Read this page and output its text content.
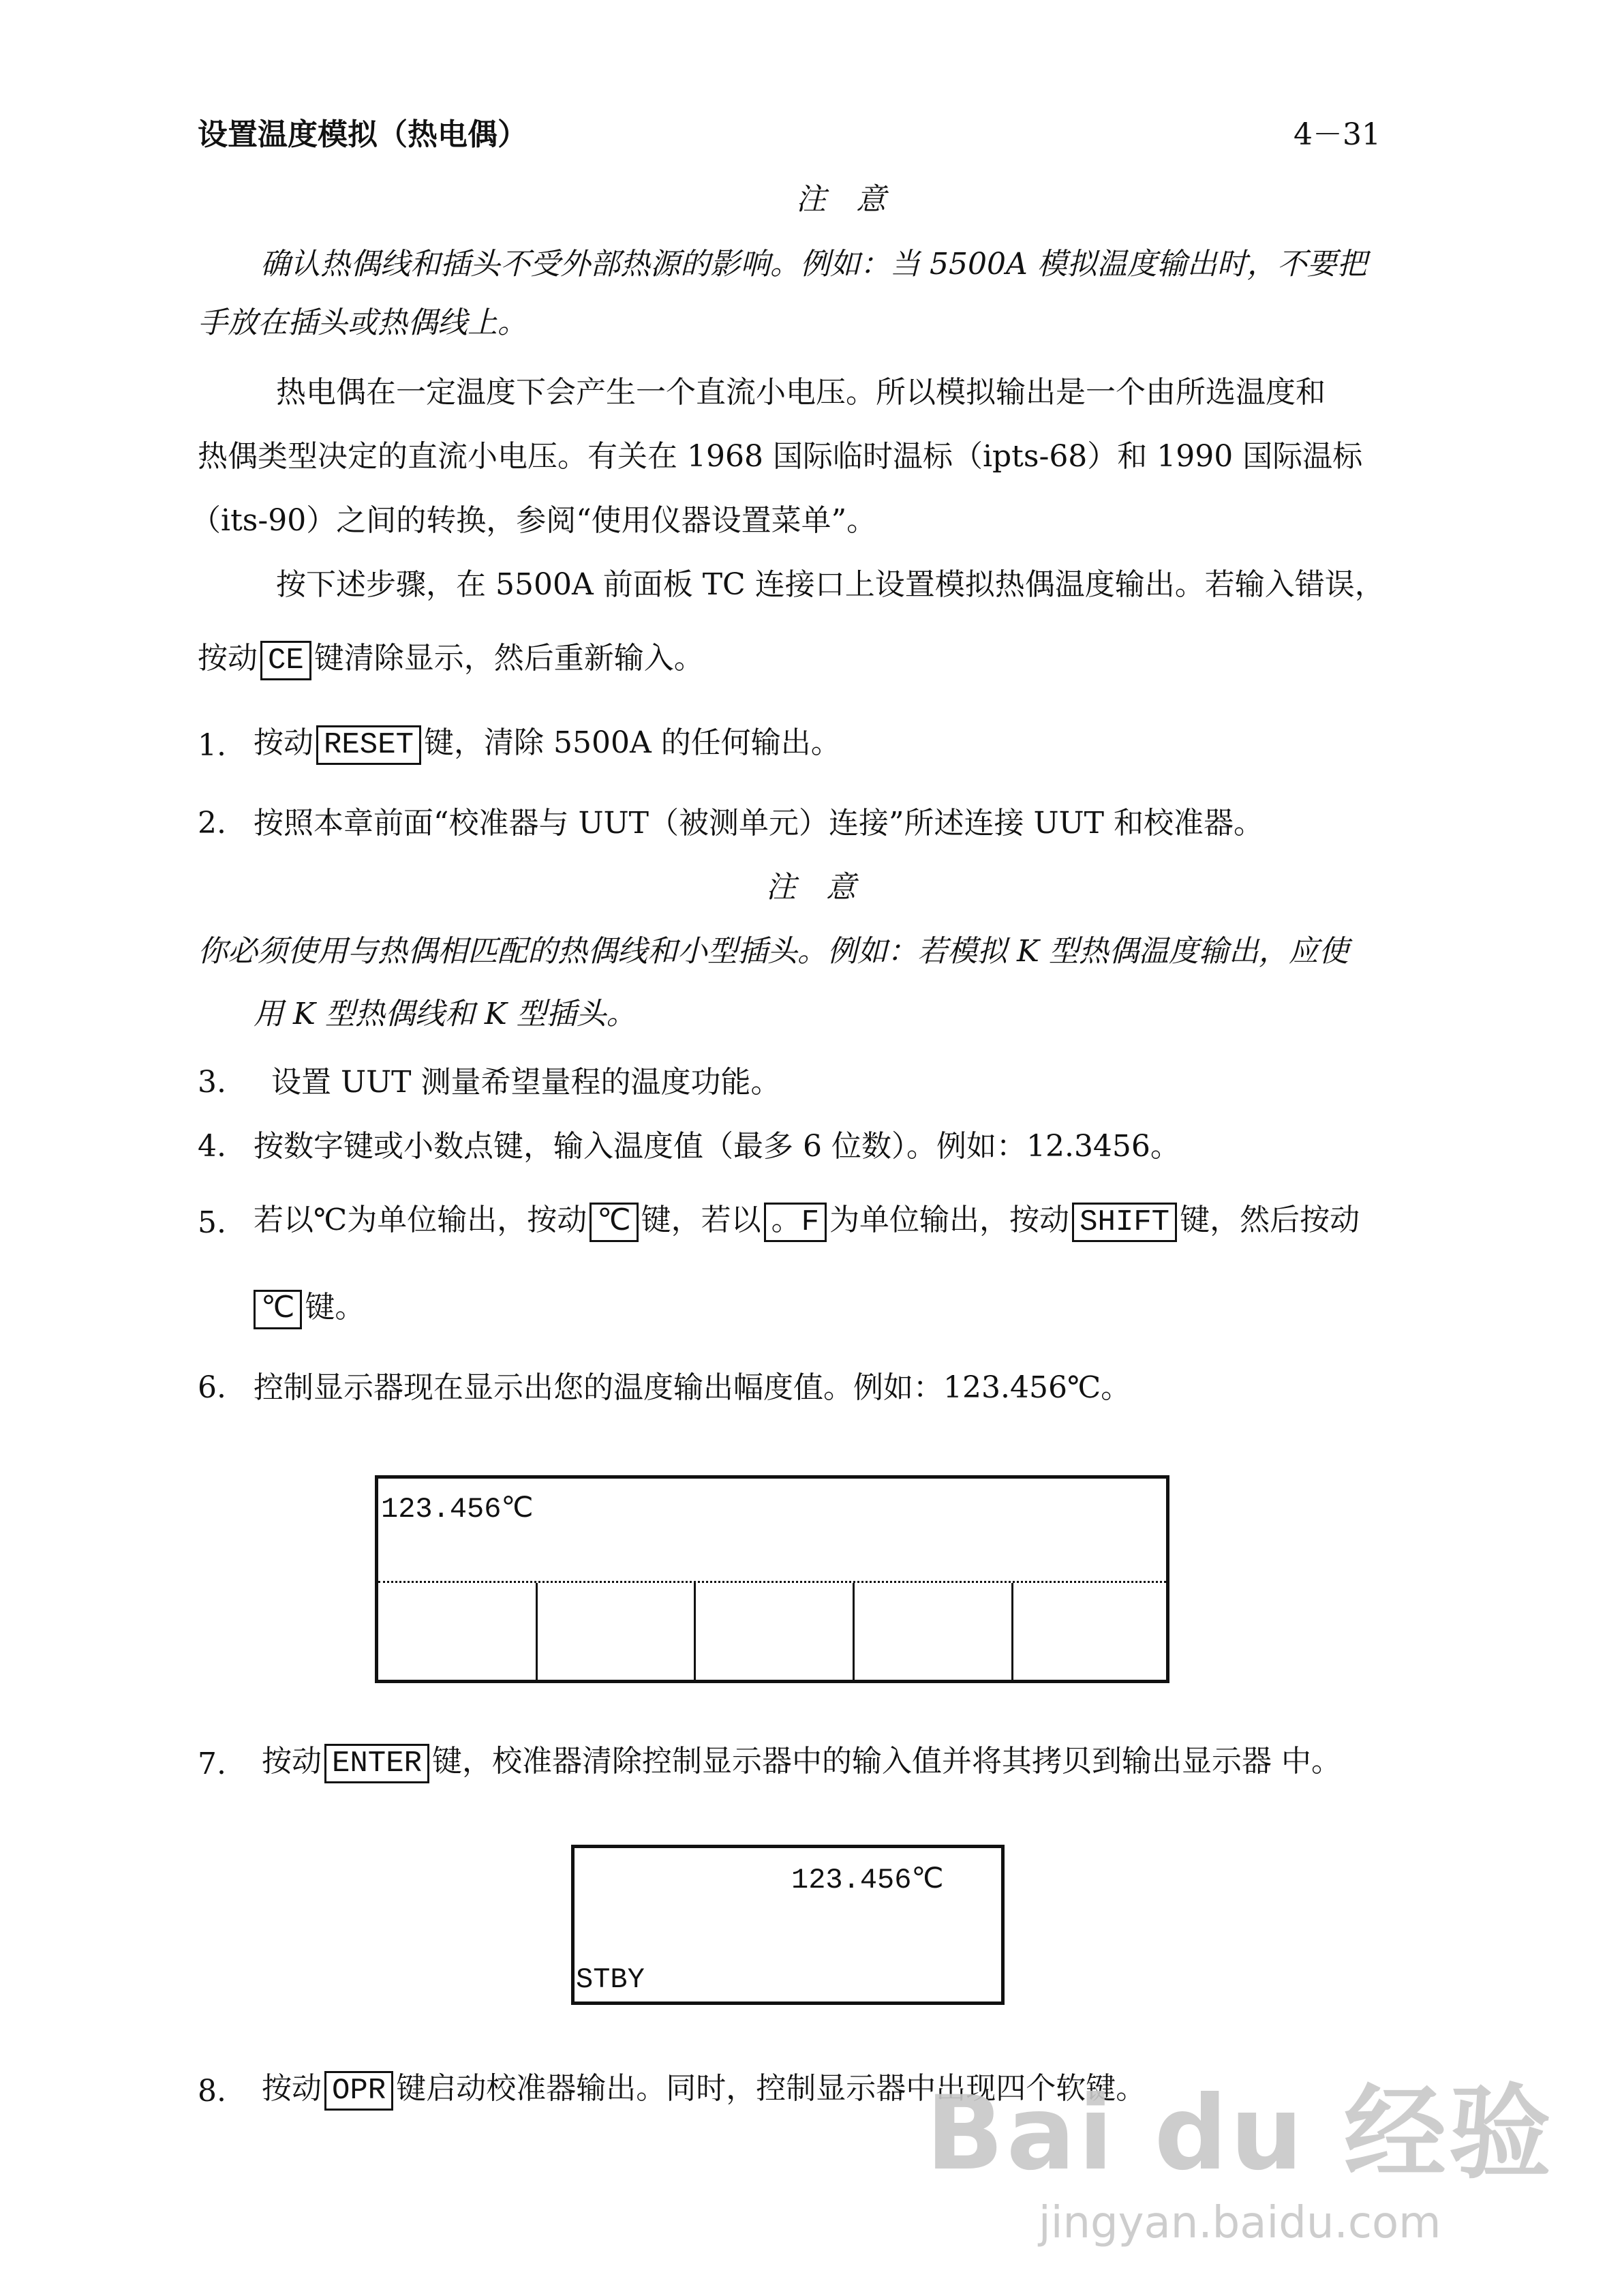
设置温度模拟（热电偶）	4－31
注　意
确认热偶线和插头不受外部热源的影响。例如：当 5500A 模拟温度输出时，不要把
手放在插头或热偶线上。
热电偶在一定温度下会产生一个直流小电压。所以模拟输出是一个由所选温度和
热偶类型决定的直流小电压。有关在 1968 国际临时温标（ipts-68）和 1990 国际温标
（its-90）之间的转换，参阅“使用仪器设置菜单”。
按下述步骤，在 5500A 前面板 TC 连接口上设置模拟热偶温度输出。若输入错误，
按动 CE 键清除显示，然后重新输入。
1. 按动 RESET 键，清除 5500A 的任何输出。
2. 按照本章前面“校准器与 UUT（被测单元）连接”所述连接 UUT 和校准器。
注　意
你必须使用与热偶相匹配的热偶线和小型插头。例如：若模拟 K 型热偶温度输出，应使
用 K 型热偶线和 K 型插头。
3. 设置 UUT 测量希望量程的温度功能。
4. 按数字键或小数点键，输入温度值（最多 6 位数）。例如：12.3456。
5. 若以℃为单位输出，按动 ℃ 键，若以 。F 为单位输出，按动 SHIFT 键，然后按动
℃ 键。
6. 控制显示器现在显示出您的温度输出幅度值。例如：123.456℃。
123.456℃
7. 按动 ENTER 键，校准器清除控制显示器中的输入值并将其拷贝到输出显示器 中。
123.456℃
STBY
8. 按动 OPR 键启动校准器输出。同时，控制显示器中出现四个软键。
Bai du 经验
jingyan.baidu.com
